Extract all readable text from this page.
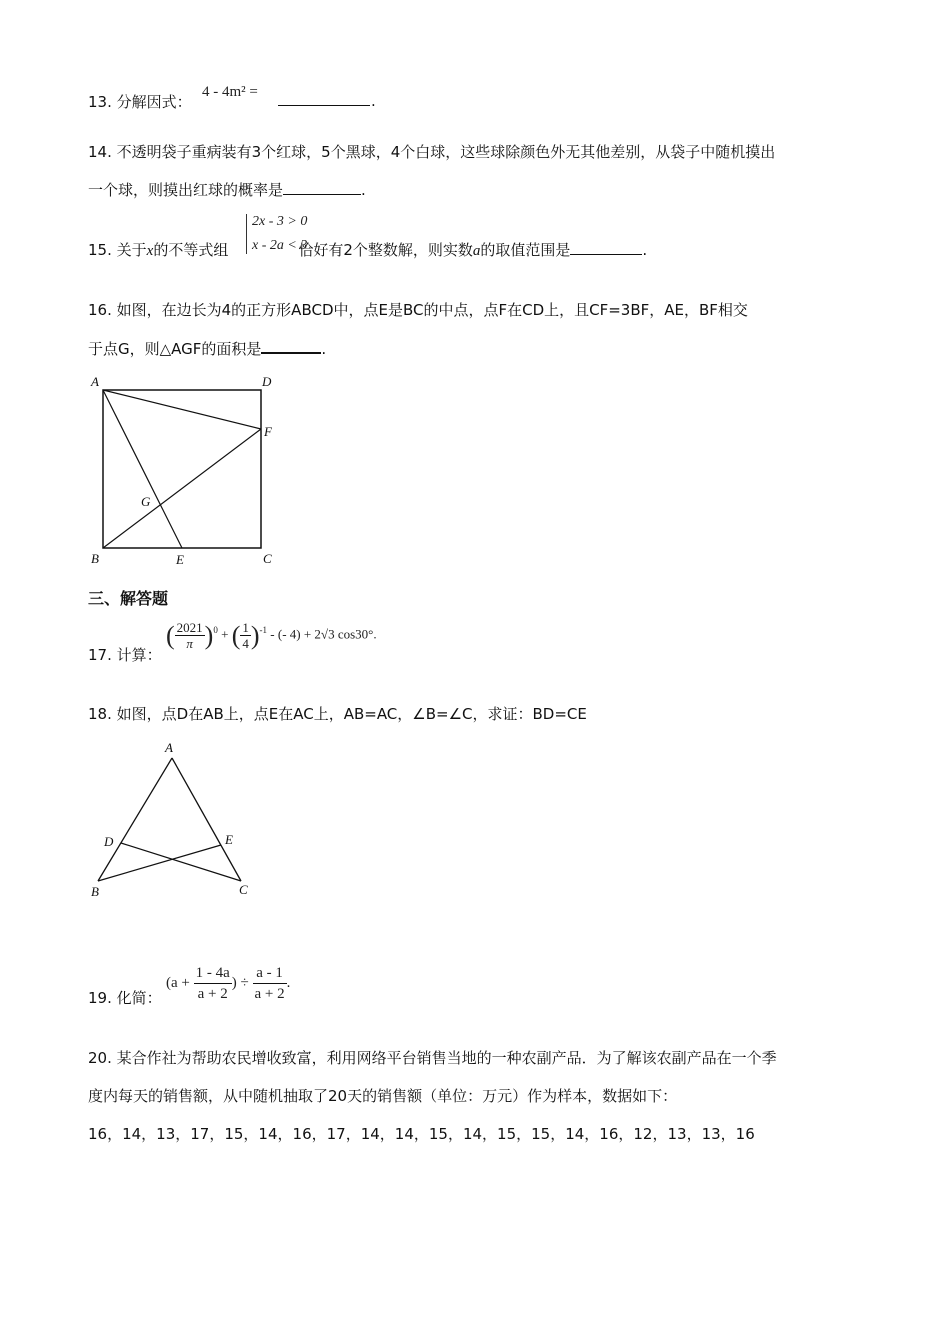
13. 分解因式：
4 - 4m² =	.
14. 不透明袋子重病装有3个红球，5个黑球，4个白球，这些球除颜色外无其他差别，从袋子中随机摸出
一个球，则摸出红球的概率是	.
2x - 3 > 0
x - 2a < 3
15. 关于x的不等式组	恰好有2个整数解，则实数a的取值范围是	.
16. 如图，在边长为4的正方形ABCD中，点E是BC的中点，点F在CD上，且CF=3BF，AE，BF相交
于点G，则△AGF的面积是	.
A	D
F
G
B	E	C
三、解答题
17. 计算：
( $\frac{2021}{\pi} )^0$ + ( $\frac{1}{4} )^{-1}$ - (- 4) + 2√3 cos30°.
18. 如图，点D在AB上，点E在AC上，AB=AC，∠B=∠C，求证：BD=CE
A
D	E
B	C
19. 化简：
($a + \frac{1 - 4a}{a + 2}$ ) ÷ $\frac{a - 1}{a + 2}$ .
20. 某合作社为帮助农民增收致富，利用网络平台销售当地的一种农副产品．为了解该农副产品在一个季
度内每天的销售额，从中随机抽取了20天的销售额（单位：万元）作为样本，数据如下：
16，14，13，17，15，14，16，17，14，14，15，14，15，15，14，16，12，13，13，16
